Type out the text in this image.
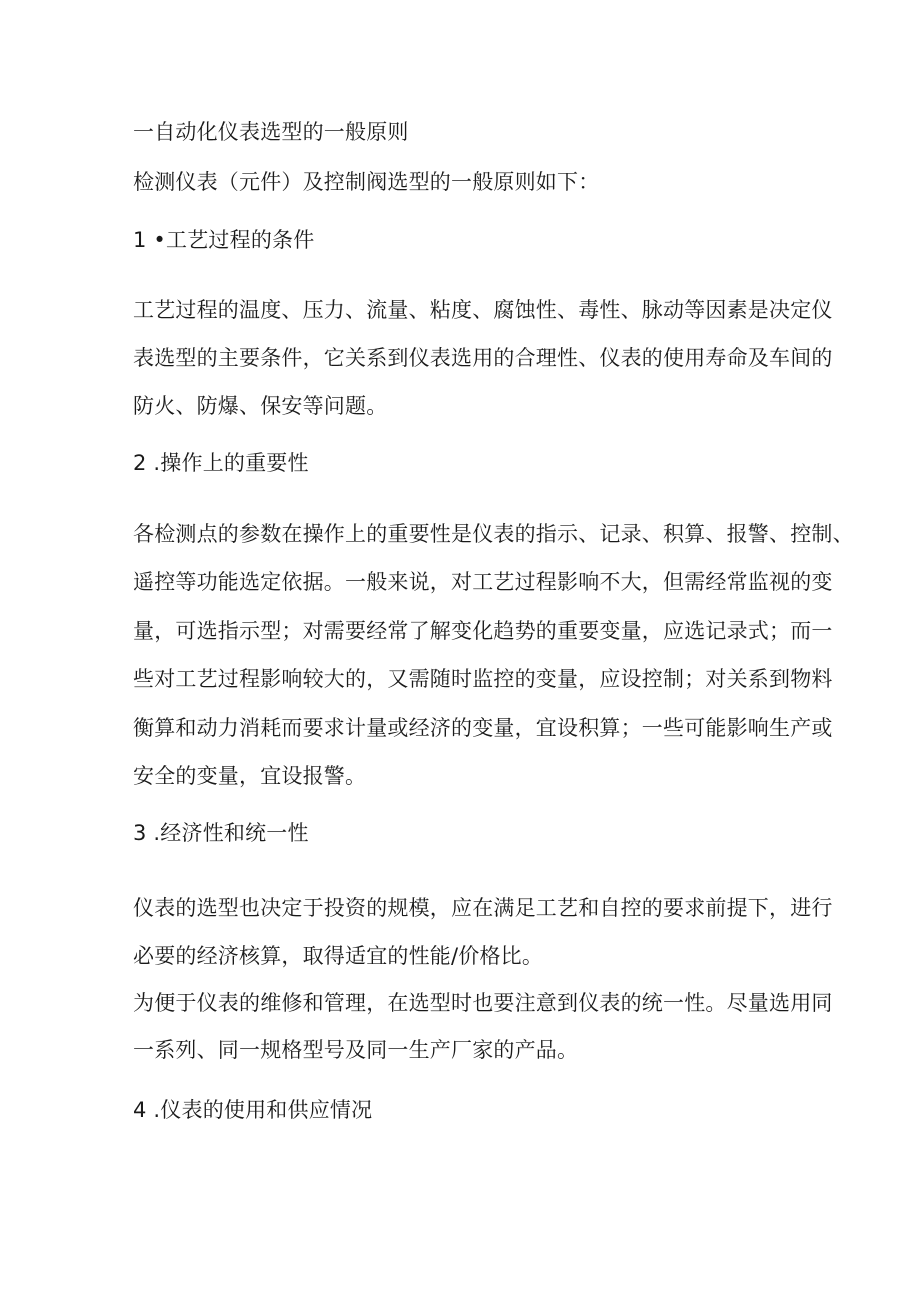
一自动化仪表选型的一般原则
检测仪表（元件）及控制阀选型的一般原则如下：
1 •工艺过程的条件
工艺过程的温度、压力、流量、粘度、腐蚀性、毒性、脉动等因素是决定仪
表选型的主要条件，它关系到仪表选用的合理性、仪表的使用寿命及车间的
防火、防爆、保安等问题。
2 .操作上的重要性
各检测点的参数在操作上的重要性是仪表的指示、记录、积算、报警、控制、
遥控等功能选定依据。一般来说，对工艺过程影响不大，但需经常监视的变
量，可选指示型；对需要经常了解变化趋势的重要变量，应选记录式；而一
些对工艺过程影响较大的，又需随时监控的变量，应设控制；对关系到物料
衡算和动力消耗而要求计量或经济的变量，宜设积算；一些可能影响生产或
安全的变量，宜设报警。
3 .经济性和统一性
仪表的选型也决定于投资的规模，应在满足工艺和自控的要求前提下，进行
必要的经济核算，取得适宜的性能/价格比。
为便于仪表的维修和管理，在选型时也要注意到仪表的统一性。尽量选用同
一系列、同一规格型号及同一生产厂家的产品。
4 .仪表的使用和供应情况
